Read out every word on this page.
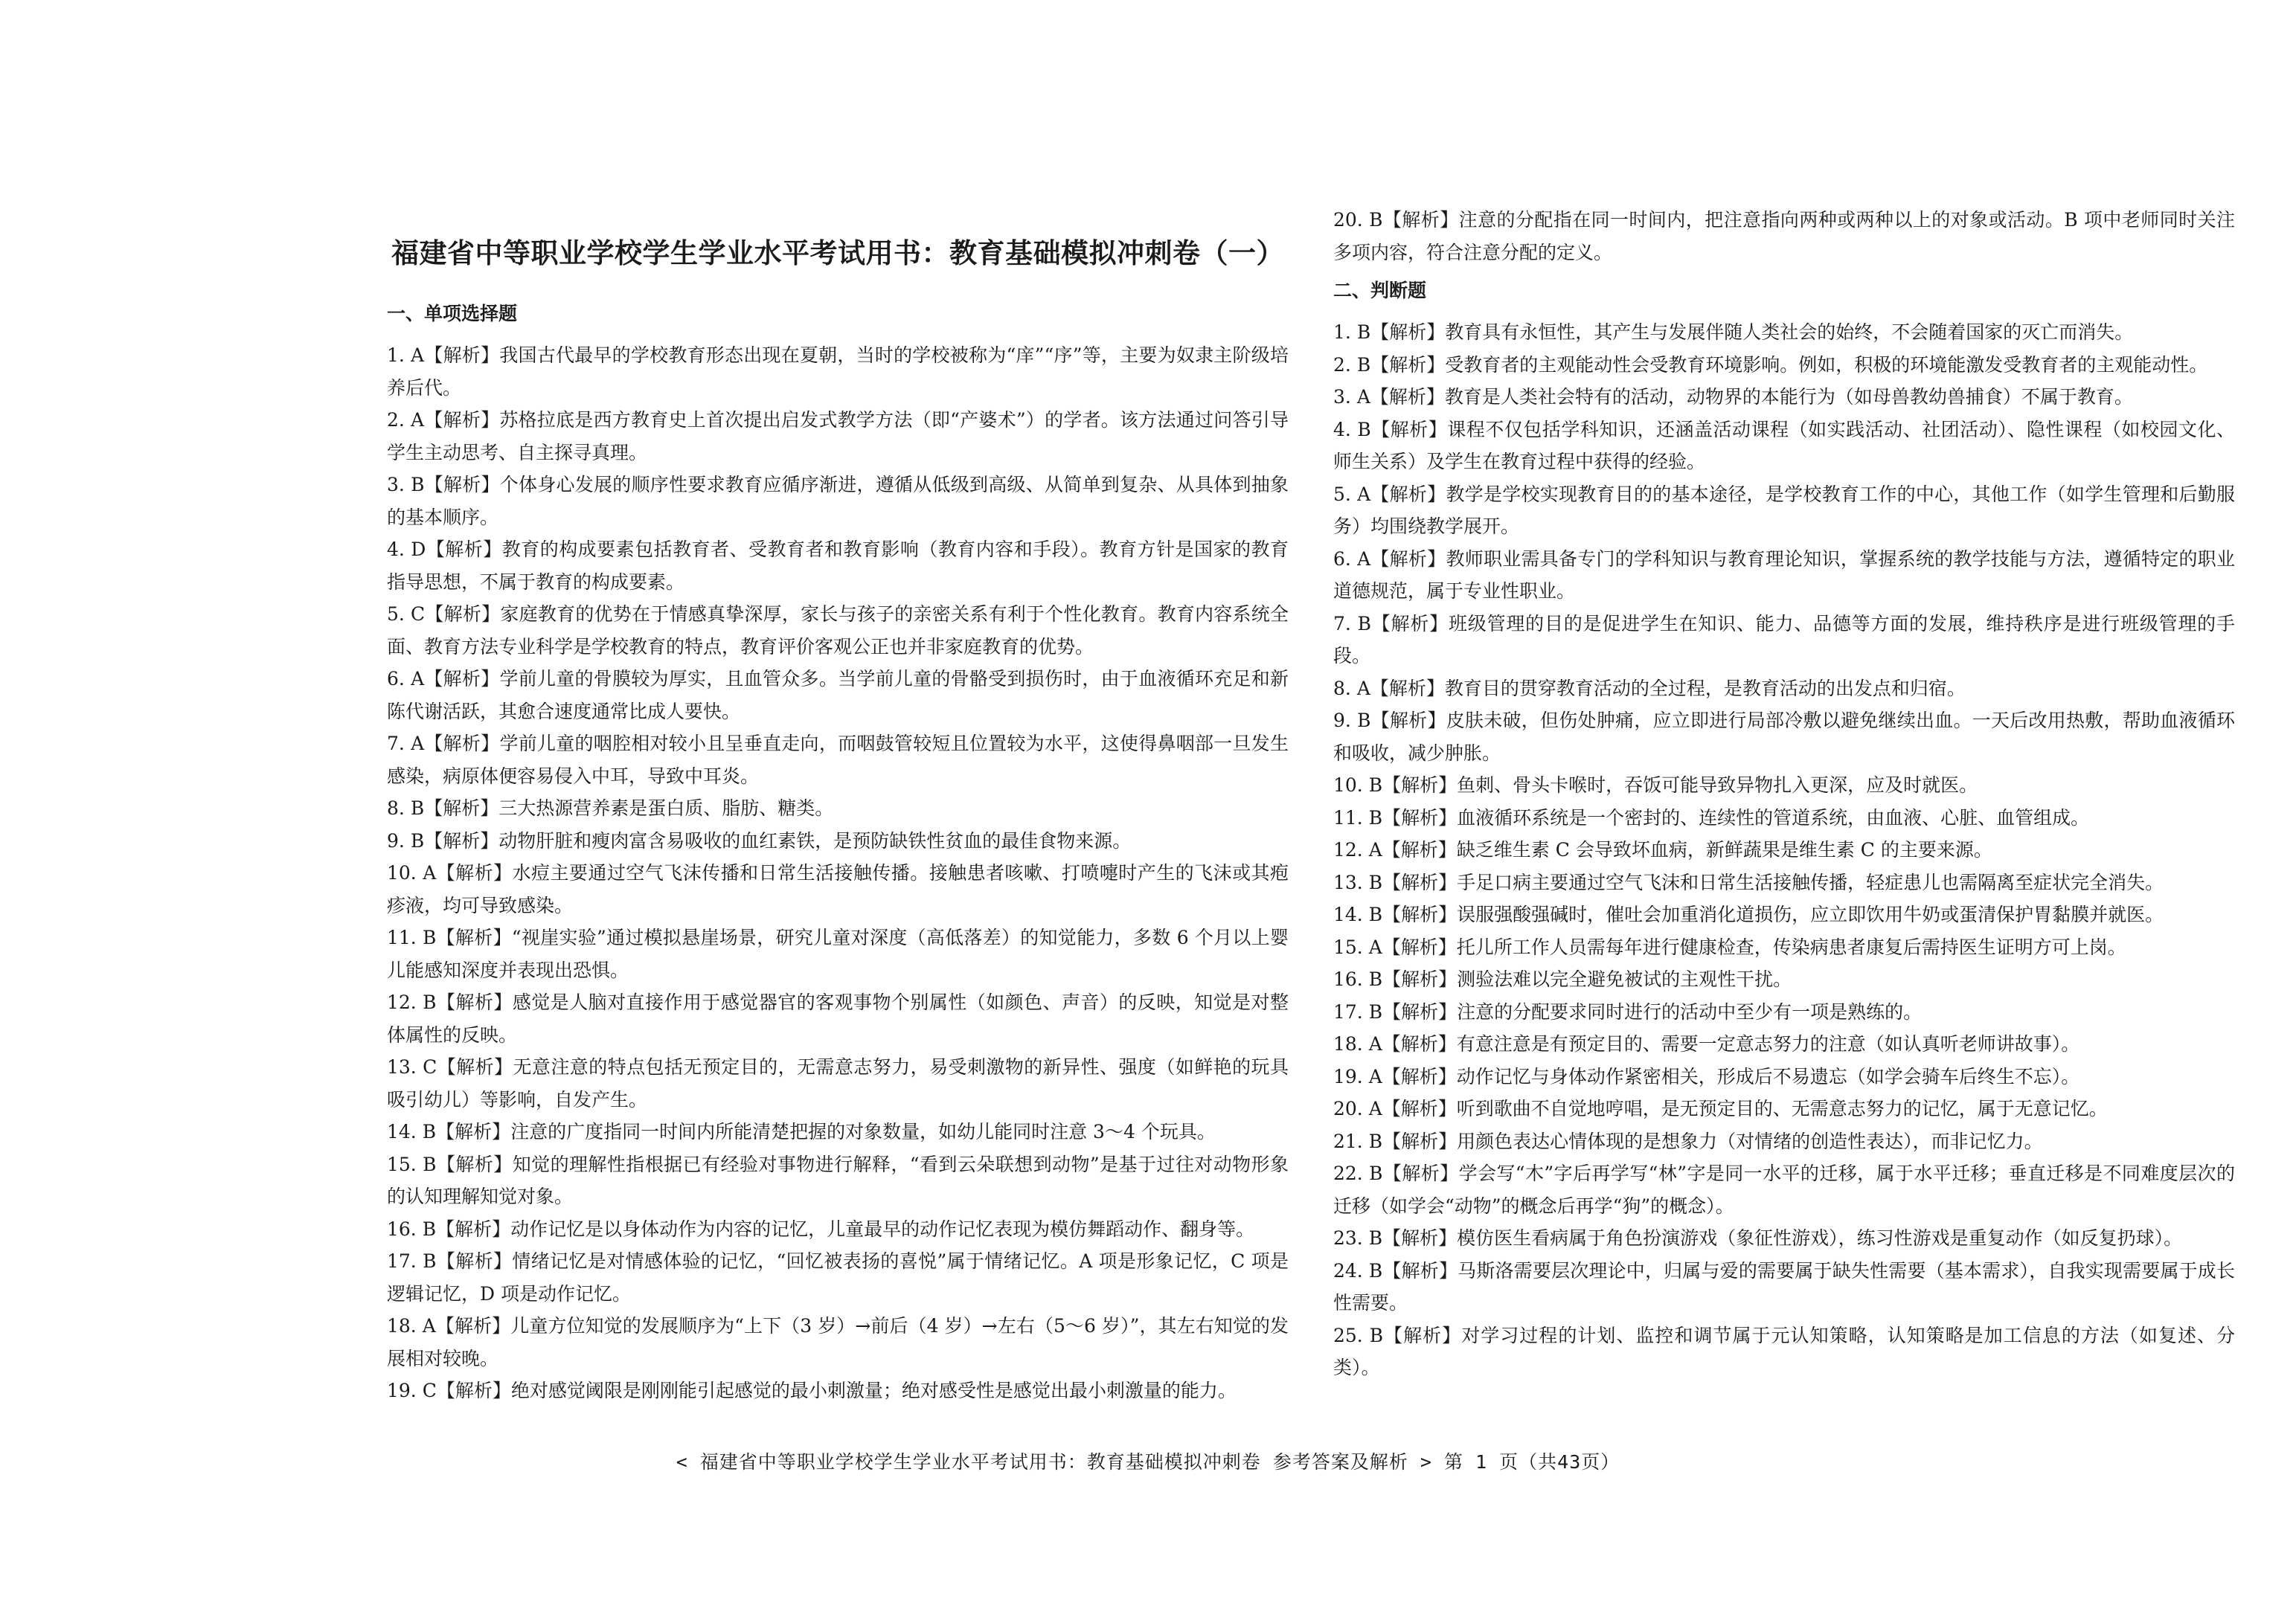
福建省中等职业学校学生学业水平考试用书：教育基础模拟冲刺卷（一）
一、单项选择题

1. A【解析】我国古代最早的学校教育形态出现在夏朝，当时的学校被称为“庠”“序”等，主要为奴隶主阶级培养后代。

2. A【解析】苏格拉底是西方教育史上首次提出启发式教学方法（即“产婆术”）的学者。该方法通过问答引导学生主动思考、自主探寻真理。

3. B【解析】个体身心发展的顺序性要求教育应循序渐进，遵循从低级到高级、从简单到复杂、从具体到抽象的基本顺序。

4. D【解析】教育的构成要素包括教育者、受教育者和教育影响（教育内容和手段）。教育方针是国家的教育指导思想，不属于教育的构成要素。

5. C【解析】家庭教育的优势在于情感真挚深厚，家长与孩子的亲密关系有利于个性化教育。教育内容系统全面、教育方法专业科学是学校教育的特点，教育评价客观公正也并非家庭教育的优势。

6. A【解析】学前儿童的骨膜较为厚实，且血管众多。当学前儿童的骨骼受到损伤时，由于血液循环充足和新陈代谢活跃，其愈合速度通常比成人要快。

7. A【解析】学前儿童的咽腔相对较小且呈垂直走向，而咽鼓管较短且位置较为水平，这使得鼻咽部一旦发生感染，病原体便容易侵入中耳，导致中耳炎。

8. B【解析】三大热源营养素是蛋白质、脂肪、糖类。

9. B【解析】动物肝脏和瘦肉富含易吸收的血红素铁，是预防缺铁性贫血的最佳食物来源。

10. A【解析】水痘主要通过空气飞沫传播和日常生活接触传播。接触患者咳嗽、打喷嚏时产生的飞沫或其疱疹液，均可导致感染。

11. B【解析】“视崖实验”通过模拟悬崖场景，研究儿童对深度（高低落差）的知觉能力，多数 6 个月以上婴儿能感知深度并表现出恐惧。

12. B【解析】感觉是人脑对直接作用于感觉器官的客观事物个别属性（如颜色、声音）的反映，知觉是对整体属性的反映。

13. C【解析】无意注意的特点包括无预定目的，无需意志努力，易受刺激物的新异性、强度（如鲜艳的玩具吸引幼儿）等影响，自发产生。

14. B【解析】注意的广度指同一时间内所能清楚把握的对象数量，如幼儿能同时注意 3～4 个玩具。

15. B【解析】知觉的理解性指根据已有经验对事物进行解释，“看到云朵联想到动物”是基于过往对动物形象的认知理解知觉对象。

16. B【解析】动作记忆是以身体动作为内容的记忆，儿童最早的动作记忆表现为模仿舞蹈动作、翻身等。

17. B【解析】情绪记忆是对情感体验的记忆，“回忆被表扬的喜悦”属于情绪记忆。A 项是形象记忆，C 项是逻辑记忆，D 项是动作记忆。

18. A【解析】儿童方位知觉的发展顺序为“上下（3 岁）→前后（4 岁）→左右（5～6 岁）”，其左右知觉的发展相对较晚。

19. C【解析】绝对感觉阈限是刚刚能引起感觉的最小刺激量；绝对感受性是感觉出最小刺激量的能力。

20. B【解析】注意的分配指在同一时间内，把注意指向两种或两种以上的对象或活动。B 项中老师同时关注多项内容，符合注意分配的定义。

二、判断题

1. B【解析】教育具有永恒性，其产生与发展伴随人类社会的始终，不会随着国家的灭亡而消失。

2. B【解析】受教育者的主观能动性会受教育环境影响。例如，积极的环境能激发受教育者的主观能动性。

3. A【解析】教育是人类社会特有的活动，动物界的本能行为（如母兽教幼兽捕食）不属于教育。

4. B【解析】课程不仅包括学科知识，还涵盖活动课程（如实践活动、社团活动）、隐性课程（如校园文化、师生关系）及学生在教育过程中获得的经验。

5. A【解析】教学是学校实现教育目的的基本途径，是学校教育工作的中心，其他工作（如学生管理和后勤服务）均围绕教学展开。

6. A【解析】教师职业需具备专门的学科知识与教育理论知识，掌握系统的教学技能与方法，遵循特定的职业道德规范，属于专业性职业。

7. B【解析】班级管理的目的是促进学生在知识、能力、品德等方面的发展，维持秩序是进行班级管理的手段。

8. A【解析】教育目的贯穿教育活动的全过程，是教育活动的出发点和归宿。

9. B【解析】皮肤未破，但伤处肿痛，应立即进行局部冷敷以避免继续出血。一天后改用热敷，帮助血液循环和吸收，减少肿胀。

10. B【解析】鱼刺、骨头卡喉时，吞饭可能导致异物扎入更深，应及时就医。

11. B【解析】血液循环系统是一个密封的、连续性的管道系统，由血液、心脏、血管组成。

12. A【解析】缺乏维生素 C 会导致坏血病，新鲜蔬果是维生素 C 的主要来源。

13. B【解析】手足口病主要通过空气飞沫和日常生活接触传播，轻症患儿也需隔离至症状完全消失。

14. B【解析】误服强酸强碱时，催吐会加重消化道损伤，应立即饮用牛奶或蛋清保护胃黏膜并就医。

15. A【解析】托儿所工作人员需每年进行健康检查，传染病患者康复后需持医生证明方可上岗。

16. B【解析】测验法难以完全避免被试的主观性干扰。

17. B【解析】注意的分配要求同时进行的活动中至少有一项是熟练的。

18. A【解析】有意注意是有预定目的、需要一定意志努力的注意（如认真听老师讲故事）。

19. A【解析】动作记忆与身体动作紧密相关，形成后不易遗忘（如学会骑车后终生不忘）。

20. A【解析】听到歌曲不自觉地哼唱，是无预定目的、无需意志努力的记忆，属于无意记忆。

21. B【解析】用颜色表达心情体现的是想象力（对情绪的创造性表达），而非记忆力。

22. B【解析】学会写“木”字后再学写“林”字是同一水平的迁移，属于水平迁移；垂直迁移是不同难度层次的迁移（如学会“动物”的概念后再学“狗”的概念）。

23. B【解析】模仿医生看病属于角色扮演游戏（象征性游戏），练习性游戏是重复动作（如反复扔球）。

24. B【解析】马斯洛需要层次理论中，归属与爱的需要属于缺失性需要（基本需求），自我实现需要属于成长性需要。

25. B【解析】对学习过程的计划、监控和调节属于元认知策略，认知策略是加工信息的方法（如复述、分类）。

< 福建省中等职业学校学生学业水平考试用书：教育基础模拟冲刺卷 参考答案及解析 > 第 1 页（共43页）
